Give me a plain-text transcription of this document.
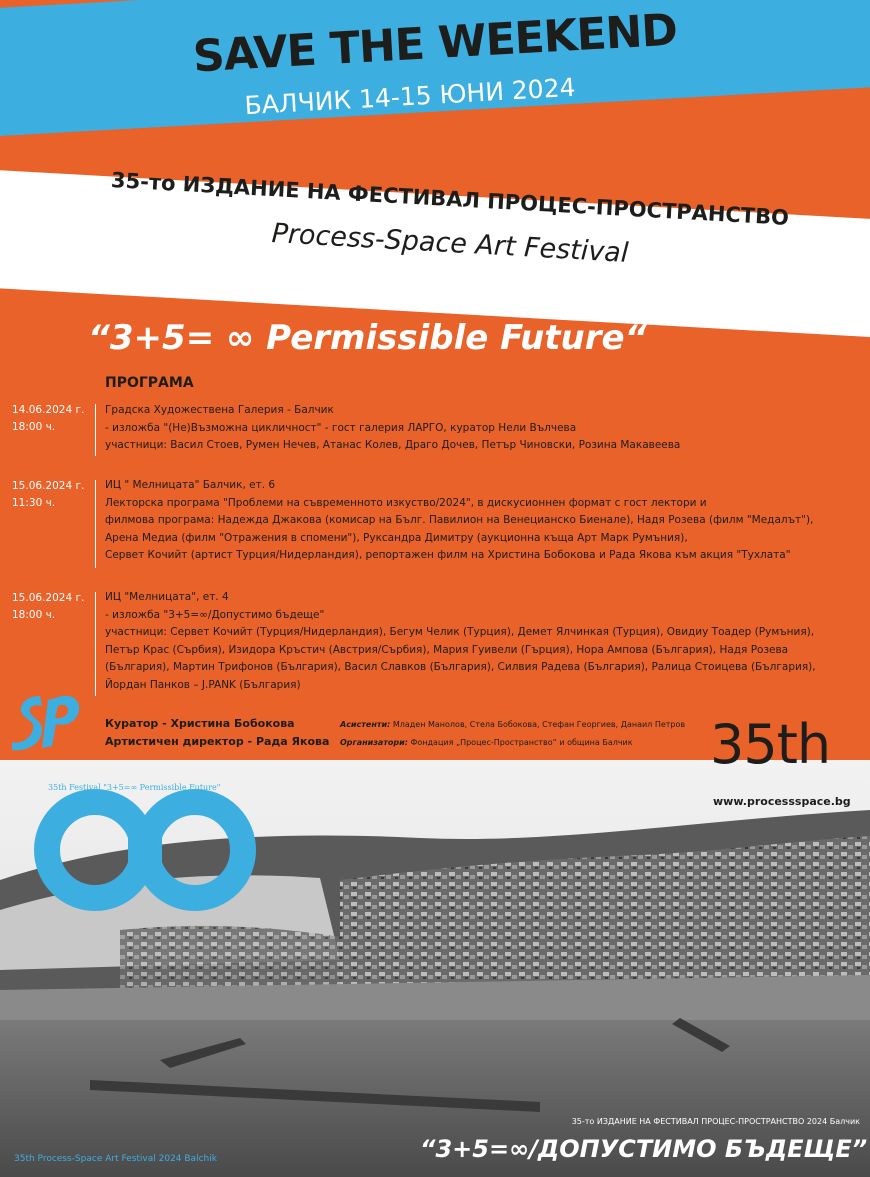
SAVE THE WEEKEND
БАЛЧИК 14-15 ЮНИ 2024
35-то ИЗДАНИЕ НА ФЕСТИВАЛ ПРОЦЕС-ПРОСТРАНСТВО
Process-Space Art Festival
“3+5= ∞ Permissible Future“
ПРОГРАМА
14.06.2024 г.
18:00 ч.
Градска Художествена Галерия - Балчик
- изложба "(Не)Възможна цикличност" - гост галерия ЛАРГО, куратор Нели Вълчева
участници: Васил Стоев, Румен Нечев, Атанас Колев, Драго Дочев, Петър Чиновски, Розина Макавеева
15.06.2024 г.
11:30 ч.
ИЦ " Мелницата" Балчик, ет. 6
Лекторска програма "Проблеми на съвременното изкуство/2024", в дискусионнен формат с гост лектори и
филмова програма: Надежда Джакова (комисар на Бълг. Павилион на Венецианско Биенале), Надя Розева (филм "Медалът"),
Арена Медиа (филм "Отражения в спомени"), Руксандра Димитру (аукционна къща Арт Марк Румъния),
Сервет Кочийт (артист Турция/Нидерландия), репортажен филм на Христина Бобокова и Рада Якова към акция "Тухлата"
15.06.2024 г.
18:00 ч.
ИЦ "Мелницата", ет. 4
- изложба "3+5=∞/Допустимо бъдеще"
участници: Сервет Кочийт (Турция/Нидерландия), Бегум Челик (Турция), Демет Ялчинкая (Турция), Овидиу Тоадер (Румъния),
Петър Крас (Сърбия), Изидора Кръстич (Австрия/Сърбия), Мария Гуивели (Гърция), Нора Ампова (България), Надя Розева
(България), Мартин Трифонов (България), Васил Славков (България), Силвия Радева (България), Ралица Стоицева (България),
Йордан Панков – J.PANK (България)
Куратор - Христина Бобокова
Артистичен директор - Рада Якова
Асистенти: Младен Манолов, Стела Бобокова, Стефан Георгиев, Данаил Петров
Организатори: Фондация „Процес-Пространство“ и община Балчик
35th Festival "3+5=∞ Permissible Future"
35th
www.processspace.bg
35-то ИЗДАНИЕ НА ФЕСТИВАЛ ПРОЦЕС-ПРОСТРАНСТВО 2024 Балчик
“3+5=∞/ДОПУСТИМО БЪДЕЩЕ”
35th Process-Space Art Festival 2024 Balchik
